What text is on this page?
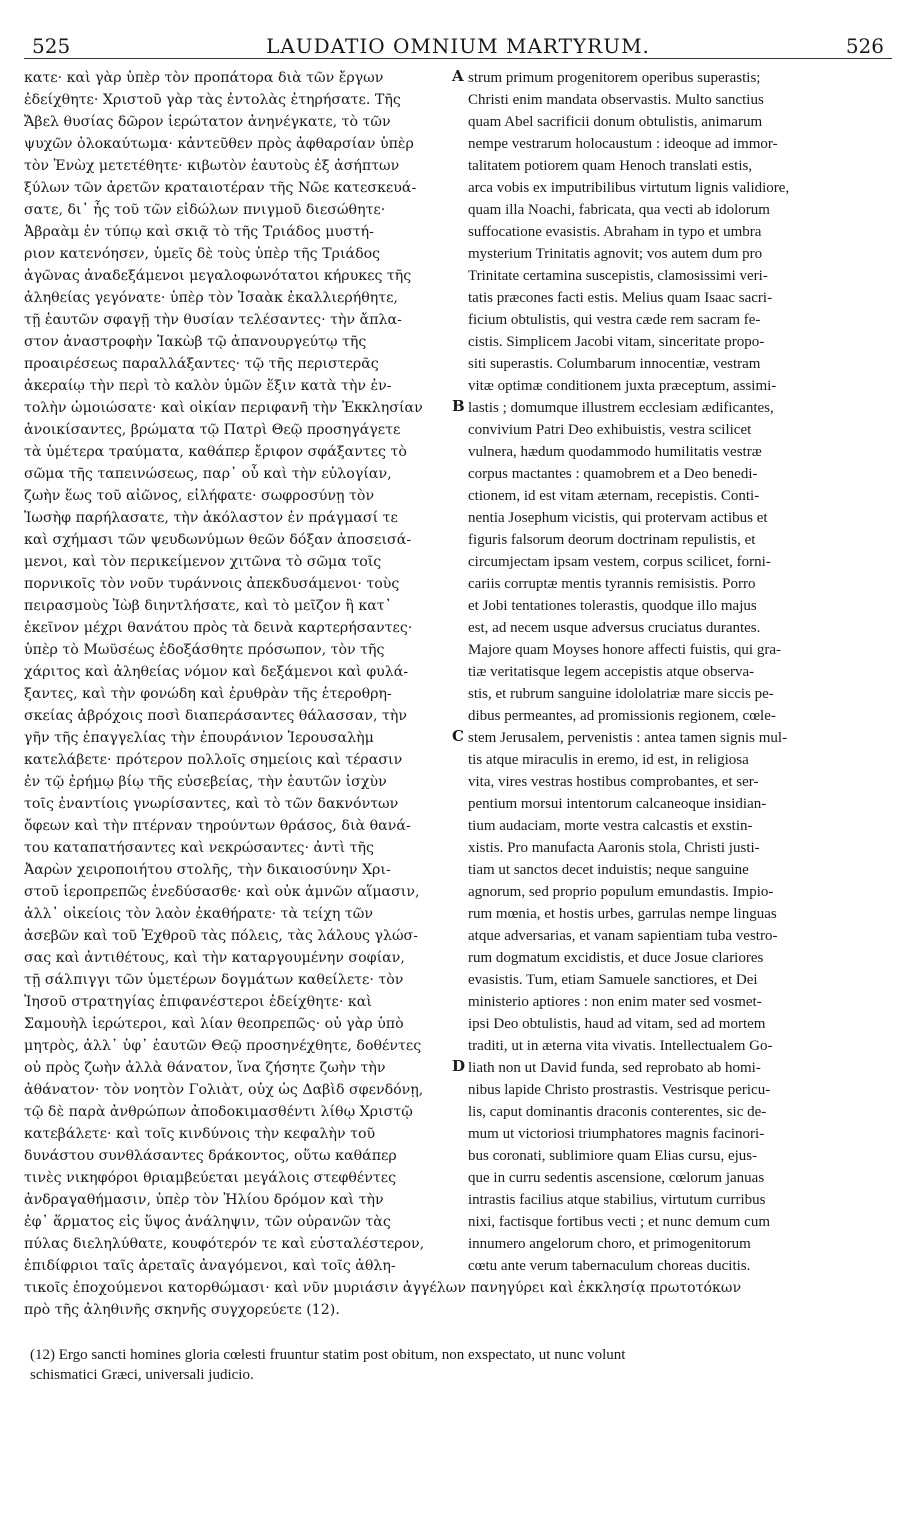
525	LAUDATIO OMNIUM MARTYRUM.	526
κατε· καὶ γὰρ ὑπὲρ τὸν προπάτορα διὰ τῶν ἔργων
ἐδείχθητε· Χριστοῦ γὰρ τὰς ἐντολὰς ἐτηρήσατε. Τῆς
Ἄβελ θυσίας δῶρον ἱερώτατον ἀνηνέγκατε, τὸ τῶν
ψυχῶν ὁλοκαύτωμα· κἀντεῦθεν πρὸς ἀφθαρσίαν ὑπὲρ
τὸν Ἐνὼχ μετετέθητε· κιβωτὸν ἑαυτοὺς ἐξ ἀσήπτων
ξύλων τῶν ἀρετῶν κραταιοτέραν τῆς Νῶε κατεσκευά-
σατε, δι᾽ ἧς τοῦ τῶν εἰδώλων πνιγμοῦ διεσώθητε·
Ἀβραὰμ ἐν τύπῳ καὶ σκιᾷ τὸ τῆς Τριάδος μυστή-
ριον κατενόησεν, ὑμεῖς δὲ τοὺς ὑπὲρ τῆς Τριάδος
ἀγῶνας ἀναδεξάμενοι μεγαλοφωνότατοι κήρυκες τῆς
ἀληθείας γεγόνατε· ὑπὲρ τὸν Ἰσαὰκ ἐκαλλιερήθητε,
τῇ ἑαυτῶν σφαγῇ τὴν θυσίαν τελέσαντες· τὴν ἄπλα-
στον ἀναστροφὴν Ἰακὼβ τῷ ἀπανουργεύτῳ τῆς
προαιρέσεως παραλλάξαντες· τῷ τῆς περιστερᾶς
ἀκεραίῳ τὴν περὶ τὸ καλὸν ὑμῶν ἕξιν κατὰ τὴν ἐν-
τολὴν ὡμοιώσατε· καὶ οἰκίαν περιφανῆ τὴν Ἐκκλησίαν
ἀνοικίσαντες, βρώματα τῷ Πατρὶ Θεῷ προσηγάγετε
τὰ ὑμέτερα τραύματα, καθάπερ ἔριφον σφάξαντες τὸ
σῶμα τῆς ταπεινώσεως, παρ᾽ οὗ καὶ τὴν εὐλογίαν,
ζωὴν ἕως τοῦ αἰῶνος, εἰλήφατε· σωφροσύνῃ τὸν
Ἰωσὴφ παρήλασατε, τὴν ἀκόλαστον ἐν πράγμασί τε
καὶ σχήμασι τῶν ψευδωνύμων θεῶν δόξαν ἀποσεισά-
μενοι, καὶ τὸν περικείμενον χιτῶνα τὸ σῶμα τοῖς
πορνικοῖς τὸν νοῦν τυράννοις ἀπεκδυσάμενοι· τοὺς
πειρασμοὺς Ἰὼβ διηντλήσατε, καὶ τὸ μεῖζον ἢ κατ᾽
ἐκεῖνον μέχρι θανάτου πρὸς τὰ δεινὰ καρτερήσαντες·
ὑπὲρ τὸ Μωϋσέως ἐδοξάσθητε πρόσωπον, τὸν τῆς
χάριτος καὶ ἀληθείας νόμον καὶ δεξάμενοι καὶ φυλά-
ξαντες, καὶ τὴν φονώδη καὶ ἐρυθρὰν τῆς ἑτεροθρη-
σκείας ἀβρόχοις ποσὶ διαπεράσαντες θάλασσαν, τὴν
γῆν τῆς ἐπαγγελίας τὴν ἐπουράνιον Ἱερουσαλὴμ
κατελάβετε· πρότερον πολλοῖς σημείοις καὶ τέρασιν
ἐν τῷ ἐρήμῳ βίῳ τῆς εὐσεβείας, τὴν ἑαυτῶν ἰσχὺν
τοῖς ἐναντίοις γνωρίσαντες, καὶ τὸ τῶν δακνόντων
ὄφεων καὶ τὴν πτέρναν τηρούντων θράσος, διὰ θανά-
του καταπατήσαντες καὶ νεκρώσαντες· ἀντὶ τῆς
Ἀαρὼν χειροποιήτου στολῆς, τὴν δικαιοσύνην Χρι-
στοῦ ἱεροπρεπῶς ἐνεδύσασθε· καὶ οὐκ ἀμνῶν αἵμασιν,
ἀλλ᾽ οἰκείοις τὸν λαὸν ἐκαθήρατε· τὰ τείχη τῶν
ἀσεβῶν καὶ τοῦ Ἐχθροῦ τὰς πόλεις, τὰς λάλους γλώσ-
σας καὶ ἀντιθέτους, καὶ τὴν καταργουμένην σοφίαν,
τῇ σάλπιγγι τῶν ὑμετέρων δογμάτων καθείλετε· τὸν
Ἰησοῦ στρατηγίας ἐπιφανέστεροι ἐδείχθητε· καὶ
Σαμουὴλ ἱερώτεροι, καὶ λίαν θεοπρεπῶς· οὐ γὰρ ὑπὸ
μητρὸς, ἀλλ᾽ ὑφ᾽ ἑαυτῶν Θεῷ προσηνέχθητε, δοθέντες
οὐ πρὸς ζωὴν ἀλλὰ θάνατον, ἵνα ζήσητε ζωὴν τὴν
ἀθάνατον· τὸν νοητὸν Γολιὰτ, οὐχ ὡς Δαβὶδ σφενδόνῃ,
τῷ δὲ παρὰ ἀνθρώπων ἀποδοκιμασθέντι λίθῳ Χριστῷ
κατεβάλετε· καὶ τοῖς κινδύνοις τὴν κεφαλὴν τοῦ
δυνάστου συνθλάσαντες δράκοντος, οὕτω καθάπερ
τινὲς νικηφόροι θριαμβεύεται μεγάλοις στεφθέντες
ἀνδραγαθήμασιν, ὑπὲρ τὸν Ἠλίου δρόμον καὶ τὴν
ἐφ᾽ ἅρματος εἰς ὕψος ἀνάληψιν, τῶν οὐρανῶν τὰς
πύλας διεληλύθατε, κουφότερόν τε καὶ εὐσταλέστερον,
ἐπιδίφριοι ταῖς ἀρεταῖς ἀναγόμενοι, καὶ τοῖς ἀθλη-
A
B
C
D
strum primum progenitorem operibus superastis;
Christi enim mandata observastis. Multo sanctius
quam Abel sacrificii donum obtulistis, animarum
nempe vestrarum holocaustum : ideoque ad immor-
talitatem potiorem quam Henoch translati estis,
arca vobis ex imputribilibus virtutum lignis validiore,
quam illa Noachi, fabricata, qua vecti ab idolorum
suffocatione evasistis. Abraham in typo et umbra
mysterium Trinitatis agnovit; vos autem dum pro
Trinitate certamina suscepistis, clamosissimi veri-
tatis præcones facti estis. Melius quam Isaac sacri-
ficium obtulistis, qui vestra cæde rem sacram fe-
cistis. Simplicem Jacobi vitam, sinceritate propo-
siti superastis. Columbarum innocentiæ, vestram
vitæ optimæ conditionem juxta præceptum, assimi-
lastis ; domumque illustrem ecclesiam ædificantes,
convivium Patri Deo exhibuistis, vestra scilicet
vulnera, hædum quodammodo humilitatis vestræ
corpus mactantes : quamobrem et a Deo benedi-
ctionem, id est vitam æternam, recepistis. Conti-
nentia Josephum vicistis, qui protervam actibus et
figuris falsorum deorum doctrinam repulistis, et
circumjectam ipsam vestem, corpus scilicet, forni-
cariis corruptæ mentis tyrannis remisistis. Porro
et Jobi tentationes tolerastis, quodque illo majus
est, ad necem usque adversus cruciatus durantes.
Majore quam Moyses honore affecti fuistis, qui gra-
tiæ veritatisque legem accepistis atque observa-
stis, et rubrum sanguine idololatriæ mare siccis pe-
dibus permeantes, ad promissionis regionem, cœle-
stem Jerusalem, pervenistis : antea tamen signis mul-
tis atque miraculis in eremo, id est, in religiosa
vita, vires vestras hostibus comprobantes, et ser-
pentium morsui intentorum calcaneoque insidian-
tium audaciam, morte vestra calcastis et exstin-
xistis. Pro manufacta Aaronis stola, Christi justi-
tiam ut sanctos decet induistis; neque sanguine
agnorum, sed proprio populum emundastis. Impio-
rum mœnia, et hostis urbes, garrulas nempe linguas
atque adversarias, et vanam sapientiam tuba vestro-
rum dogmatum excidistis, et duce Josue clariores
evasistis. Tum, etiam Samuele sanctiores, et Dei
ministerio aptiores : non enim mater sed vosmet-
ipsi Deo obtulistis, haud ad vitam, sed ad mortem
traditi, ut in æterna vita vivatis. Intellectualem Go-
liath non ut David funda, sed reprobato ab homi-
nibus lapide Christo prostrastis. Vestrisque pericu-
lis, caput dominantis draconis conterentes, sic de-
mum ut victoriosi triumphatores magnis facinori-
bus coronati, sublimiore quam Elias cursu, ejus-
que in curru sedentis ascensione, cœlorum januas
intrastis facilius atque stabilius, virtutum curribus
nixi, factisque fortibus vecti ; et nunc demum cum
innumero angelorum choro, et primogenitorum
cœtu ante verum tabernaculum choreas ducitis.
τικοῖς ἐποχούμενοι κατορθώμασι· καὶ νῦν μυριάσιν ἀγγέλων πανηγύρει καὶ ἐκκλησίᾳ πρωτοτόκων
πρὸ τῆς ἀληθινῆς σκηνῆς συγχορεύετε (12).
(12) Ergo sancti homines gloria cœlesti fruuntur statim post obitum, non exspectato, ut nunc volunt
schismatici Græci, universali judicio.
